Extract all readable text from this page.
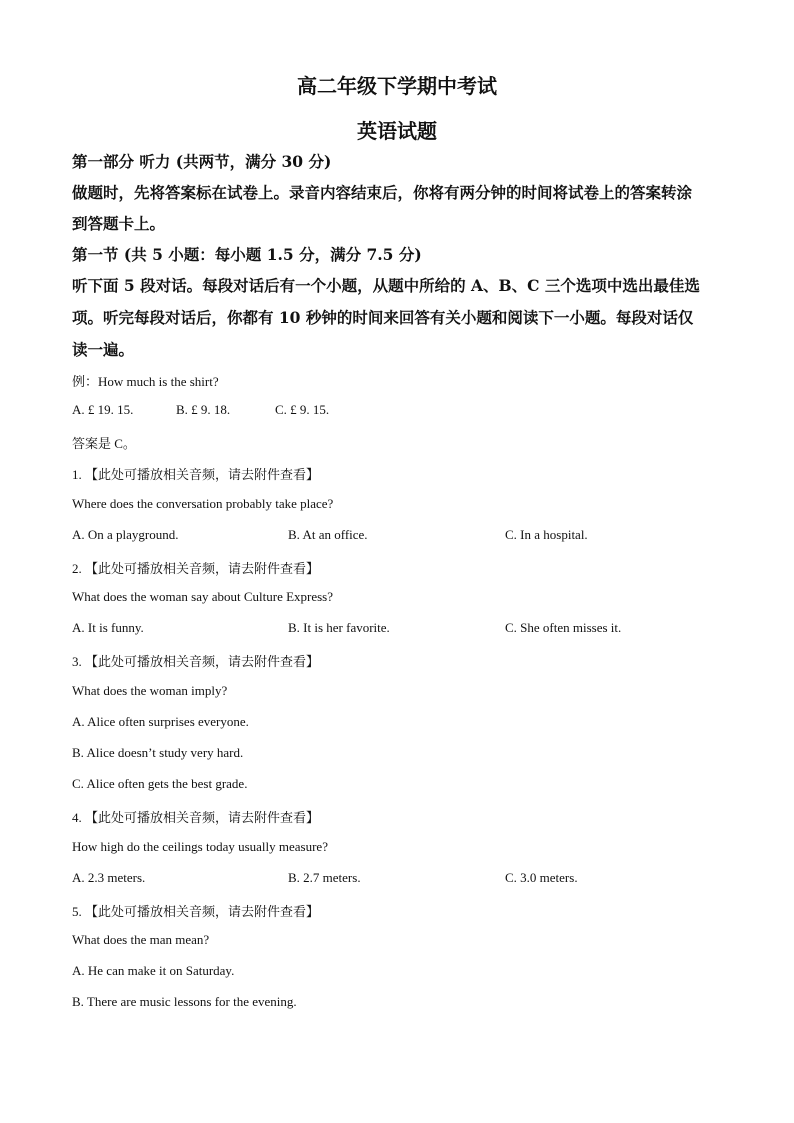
高二年级下学期中考试
英语试题
第一部分 听力 (共两节，满分 30 分)
做题时，先将答案标在试卷上。录音内容结束后，你将有两分钟的时间将试卷上的答案转涂
到答题卡上。
第一节 (共 5 小题：每小题 1.5 分，满分 7.5 分)
听下面 5 段对话。每段对话后有一个小题，从题中所给的 A、B、C 三个选项中选出最佳选
项。听完每段对话后，你都有 10 秒钟的时间来回答有关小题和阅读下一小题。每段对话仅
读一遍。
例：How much is the shirt?
A. £ 19. 15.	B. £ 9. 18.	C. £ 9. 15.
答案是 C。
1. 【此处可播放相关音频，请去附件查看】
Where does the conversation probably take place?
A. On a playground.	B. At an office.	C. In a hospital.
2. 【此处可播放相关音频，请去附件查看】
What does the woman say about Culture Express?
A. It is funny.	B. It is her favorite.	C. She often misses it.
3. 【此处可播放相关音频，请去附件查看】
What does the woman imply?
A. Alice often surprises everyone.
B. Alice doesn’t study very hard.
C. Alice often gets the best grade.
4. 【此处可播放相关音频，请去附件查看】
How high do the ceilings today usually measure?
A. 2.3 meters.	B. 2.7 meters.	C. 3.0 meters.
5. 【此处可播放相关音频，请去附件查看】
What does the man mean?
A. He can make it on Saturday.
B. There are music lessons for the evening.
